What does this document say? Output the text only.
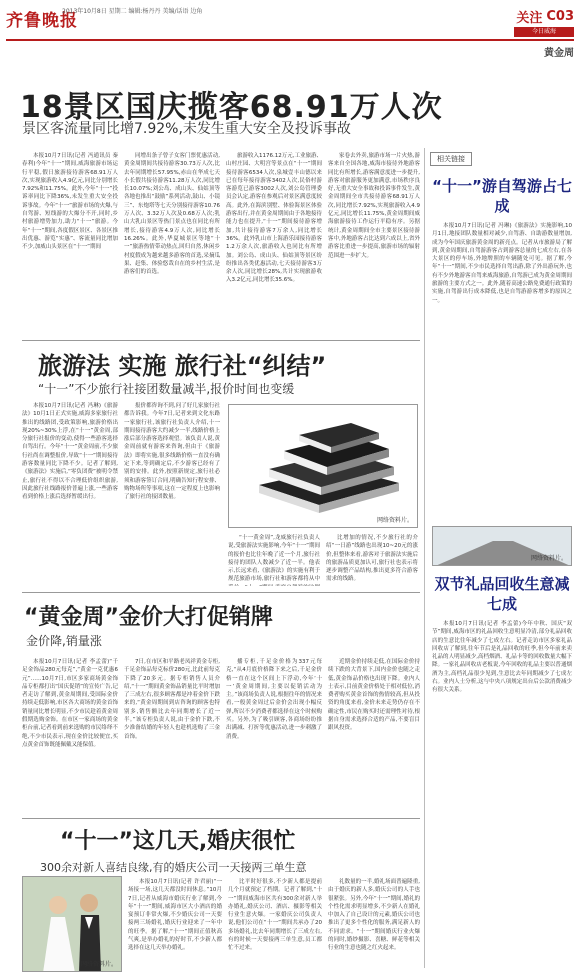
齐鲁晚报
2013年10月8日 星期二 编辑:杨丹丹 美编/话语 边角	关注 C03
今日威海
黄金周
18景区国庆揽客68.91万人次
景区客流量同比增7.92%,未发生重大安全及投诉事故

本报10月7日讯(记者 冯通讯员 秦春利)今年“十一”期间,威海旅游市场运行平稳,假日旅游接待游客68.91万人次,实现旅游收入4.9亿元,同比分别增长7.92%和11.75%。此外,今年“十一”投诉率同比下降36%,未发生重大安全投诉事故。今年“十一”旅游市场的火爆,与自驾游、短线游的大爆分不开,同时,乡村旅游增势加力,助力“十一”旅游。今年“十一”期间,各度假区景区、各景区推出优惠、游览“实惠”、客流量同比增加不少,加威山头景区在“十一”期间

同增出条子曾子女客门票优惠活动,黄金周期间共接待游客30.73万人次,比去年同期增长57.95%,赤山在华成七天小长假共接待游客11.28万人次,同比增长10.07%;刘公岛、成山头、仙姑顶等各地也推出“鼓励”系列活动,鼓山、小镜三”、东炮塔等七天分别接待游客10.76万人次、3.32万人次及0.68万人次;乳山大乳山景区等热门景点也在同比有所增长,接待游客4.9万人次,同比增长16.26%。此外,华夏城景区等地“十一”旅游热情带动热点,回归自然,休闲乡村度假成为越来越多游客的首选,采摘瓜果、赶集、体验悠哉自在的乡村生活,是游客们的首选。

旅游收入1176.12万元,工业旅游、山村庄园、大明宫等景点在“十一”期间接待游客6534人次,泉城壹丰山德以来已在每年接待游客3402人次,民俗村游客游览已游客3002人次,刘公岛管理委员会认定,游客在参观后对景区满意度较高。此外,在海滨别墅、体验海景区体验游客出行,并在黄金周期间由于各地接待能力也在提升,“十一”期间接待游客增加,共计接待游客7万余人,同比增长36%。此外乳山市上海游乐园接待游客1.2万余人次,旅游收入也同比有所增加。刘公岛、成山头、仙姑顶等景区纷纷推出各类优惠活动,七天接待游客3万余人次,同比增长28%,共计实现旅游收入3.2亿元,同比增长35.6%。

家卷去外卖,旅游市场一片火热,游客来自全国各地,威海市接待外地游客同比有所增长,游客满意度进一步提升,游客对旅游服务更加满意,市场秩序良好,无重大安全事故和投诉事件发生,黄金周期间全市共接待游客68.91万人次,同比增长7.92%,实现旅游收入4.9亿元,同比增长11.75%,黄金周期间威海旅游接待工作运行平稳有序。另据统计,黄金周期间全市主要景区接待游客中,外地游客占比达到六成以上,省外游客比重进一步提高,旅游市场的辐射范围进一步扩大。

旅游法 实施 旅行社“纠结”
“十一”不少旅行社接团数量减半,报价时间也变缓

本报10月7日讯(记者 冯琳)《旅游法》10月1日正式实施,威海多家旅行社推出的线路团,受政策影响,旅游价格出现20%~30%上浮,在“十一”黄金周,部分旅行社报价的变动,使得一些游客选择自驾出行。今年“十一”黄金周前,不少旅行社尚在调整报价,导致“十一”期间接待游客数量同比下降不少。记者了解到,《旅游法》实施后,“零负团费”被明令禁止,旅行社不得以不合理低价组织旅游,因此旅行社线路报价普遍上涨,一些游客看到价格上涨后选择暂缓出行。

报价都咨询不到,问了好几家旅行社都告诉我。今年7日,记者来到文化东路一家旅行社,该旅行社负责人介绍,十一期间接待游客大约减少一半,线路价格上涨后部分游客选择观望。该负责人说,黄金周前就有游客来咨询,但由于《旅游法》即将实施,很多线路价格一直没有确定下来,等到确定后,不少游客已经有了别的安排。此外,按照新规定,旅行社必须和游客签订合同,明确告知行程安排、购物场所等事项,这在一定程度上也影响了旅行社的接团数量。

网络资料片。

“十一黄金周”,龙威旅行社负责人说,受旅游法实施影响,今年“十一”期间的报价也比往年晚了近一个月,旅行社接待的团队人数减少了近一半。他表示,长远来看,《旅游法》的实施有利于规范旅游市场,旅行社和游客都将从中

比增加的情况,不少旅行社的介绍“一日游”线路也出现10~20元的涨价,但整体来看,游客对于旅游法实施后的旅游品质更加认可,旅行社也表示将逐步调整产品结构,推出更多符合游客需求的线路。

“黄金周”金价大打促销牌
金价降,销量涨

本报10月7日讯(记者 李孟蕾)“千足金饰品280元每克”,“黄金一克优惠6元”……10月7日,市区多家商场黄金饰品专柜都打出“国庆促销”的宣传广告,记者走访了解到,黄金周期间,受国际金价持续走低影响,市区各大商场的黄金首饰销量同比增长明显,不少市民趁着黄金周假期选购金饰。在市区一家商场的黄金柜台前,记者看到前来选购的市民络绎不绝,不少市民表示,现在金价比较便宜,买点黄金首饰既能佩戴又能保值。

7日,在市区和平路老凤祥黄金专柜,千足金饰品每克标价280元,比此前每克下降了20多元。据专柜销售人员介绍,“十一”期间黄金饰品销量比平时增加了三成左右,很多顾客都是冲着金价下跌来的,“黄金周期间到店咨询的顾客也特别多,销售额比去年同期增长了近一半。”该专柜负责人说,由于金价下跌,不少准备结婚的年轻人也趁机选购了三金首饰。

播专柜,千足金价格为337元每克,“从4月底价格降下来之后,千足金价格一直在这个区间上下浮动,今年‘十一’黄金周期间,主要以促销活动为主。”该商场负责人说,根据往年的情况来看,一般黄金周过后金价会出现小幅反弹,所以不少消费者都选择在这个时候购买。另外,为了吸引顾客,各商场纷纷推出满减、打折等优惠活动,进一步刺激了消费。

近期金价持续走低,在国际金价持续下跌的大背景下,国内金价也随之走低,黄金饰品价格也出现下降。业内人士表示,目前黄金价格处于相对低位,消费者购买黄金首饰的热情较高,但从投资的角度来看,金价未来走势仍存在不确定性,市民在购买时还需理性对待,根据自身需求选择合适的产品,不要盲目跟风投资。

“十一”这几天,婚庆很忙
300余对新人喜结良缘,有的婚庆公司一天接两三单生意
网络资料片。

本报10月7日讯(记者 许君丽)“一场接一场,这几天都没时间休息。”10月7日,记者从威海市婚庆行业了解到,今年“十一”期间,威海市区大小酒店的婚宴预订非常火爆,不少婚庆公司一天要接两三场婚礼,婚庆行业迎来了一年中的旺季。据了解,“十一”期间正值秋高气爽,是举办婚礼的好时节,不少新人都选择在这几天举办婚礼。

比平时好很多,不少新人都是提前几个月就预定了档期。记者了解到,“十一”期间威海市区共有300余对新人举办婚礼,婚庆公司、酒店、摄影等相关行业生意火爆。一家婚庆公司负责人说,他们公司在“十一”期间共承办了20多场婚礼,比去年同期增长了三成左右,有的时候一天要接两三单生意,员工都忙不过来。

礼数量的一半,婚礼场面普遍隆重,由于婚庆的新人多,婚庆公司的人手也很紧张。另外,今年“十一”期间,婚礼的个性化需求明显增多,不少新人在婚礼中加入了自己设计的元素,婚庆公司也推出了更多个性化的服务,满足新人的不同需求。“十一”期间婚庆行业火爆的同时,婚纱摄影、喜糖、鲜花等相关行业的生意也随之红火起来。

相关链接
“十一”游自驾游占七成

本报10月7日讯(记者 冯琳)《旅游法》实施影响,10月1日,地接团队数量相对减少,自驾游、自助游数量增加,成为今年国庆旅游黄金周的新亮点。记者从市旅游局了解到,黄金周期间,自驾游游客占到游客总量的七成左右,在各大景区的停车场,外地牌照的车辆随处可见。据了解,今年“十一”期间,不少市民选择自驾出游,除了外出游玩外,也有不少外地游客自驾来威海旅游,自驾游已成为黄金周期间旅游的主要方式之一。此外,随着高速公路免费通行政策的实施,自驾游出行成本降低,也是自驾游游客增多的原因之一。

网络资料片。
双节礼品回收生意减七成

本报10月7日讯(记者 李孟蕾)今年中秋、国庆“双节”期间,威海市区的礼品回收生意明显冷清,部分礼品回收店的生意比往年减少了七成左右。记者走访市区多家礼品回收店了解到,往年节后是礼品回收的旺季,但今年前来卖礼品的人明显减少,高档烟酒、礼品卡等的回收数量大幅下降。一家礼品回收店老板说,今年回收的礼品主要以普通烟酒为主,高档礼品很少见到,生意比去年同期减少了七成左右。业内人士分析,这与中央八项规定出台后公款消费减少有很大关系。
